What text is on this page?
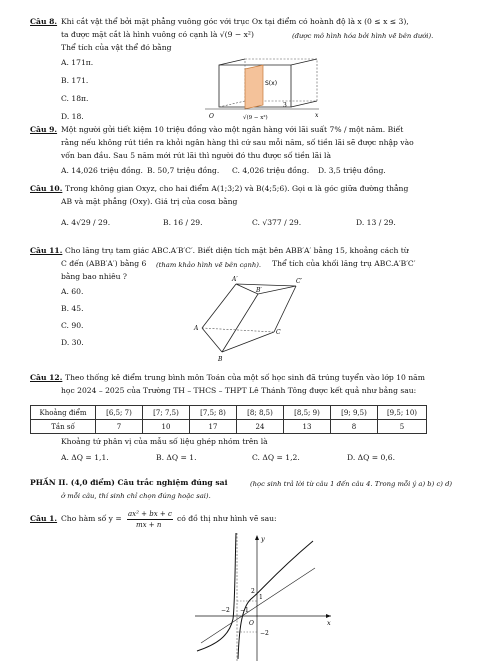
Câu 8. Khi cắt vật thể bởi mặt phẳng vuông góc với trục Ox tại điểm có hoành độ là x (0 ≤ x ≤ 3),
ta được mặt cắt là hình vuông có cạnh là √(9 − x²)	(được mô hình hóa bởi hình vẽ bên dưới).
Thể tích của vật thể đó bằng
A. 171π.
B. 171.
C. 18π.
D. 18.
S(x)
O	x
3
√(9 − x²)
Câu 9. Một người gửi tiết kiệm 10 triệu đồng vào một ngân hàng với lãi suất 7% / một năm. Biết
rằng nếu không rút tiền ra khỏi ngân hàng thì cứ sau mỗi năm, số tiền lãi sẽ được nhập vào
vốn ban đầu. Sau 5 năm mới rút lãi thì người đó thu được số tiền lãi là
A. 14,026 triệu đồng. B. 50,7 triệu đồng. C. 4,026 triệu đồng. D. 3,5 triệu đồng.
Câu 10. Trong không gian Oxyz, cho hai điểm A(1;3;2) và B(4;5;6). Gọi α là góc giữa đường thẳng
AB và mặt phẳng (Oxy). Giá trị của cosα bằng
A. 4√29 / 29.	B. 16 / 29.	C. √377 / 29.	D. 13 / 29.
Câu 11. Cho lăng trụ tam giác ABC.A′B′C′. Biết diện tích mặt bên ABB′A′ bằng 15, khoảng cách từ
C đến (ABB′A′) bằng 6 (tham khảo hình vẽ bên cạnh). Thể tích của khối lăng trụ ABC.A′B′C′
bằng bao nhiêu ?
A. 60.
B. 45.
C. 90.
D. 30.
A′
B′
C′
A
B
C
Câu 12. Theo thống kê điểm trung bình môn Toán của một số học sinh đã trúng tuyển vào lớp 10 năm
học 2024 – 2025 của Trường TH – THCS – THPT Lê Thánh Tông được kết quả như bảng sau:
Khoảng điểm	[6,5; 7)	[7; 7,5)	[7,5; 8)	[8; 8,5)	[8,5; 9)	[9; 9,5)	[9,5; 10)
Tần số	7	10	17	24	13	8	5
Khoảng tứ phân vị của mẫu số liệu ghép nhóm trên là
A. ΔQ = 1,1.	B. ΔQ = 1.	C. ΔQ = 1,2.	D. ΔQ = 0,6.
PHẦN II. (4,0 điểm) Câu trắc nghiệm đúng sai	(học sinh trả lời từ câu 1 đến câu 4. Trong mỗi ý a) b) c) d)
ở mỗi câu, thí sinh chỉ chọn đúng hoặc sai).
Câu 1. Cho hàm số y = ax² + bx + c
mx + n
có đồ thị như hình vẽ sau:
y
x
O
2
1
−2 −1
−2
